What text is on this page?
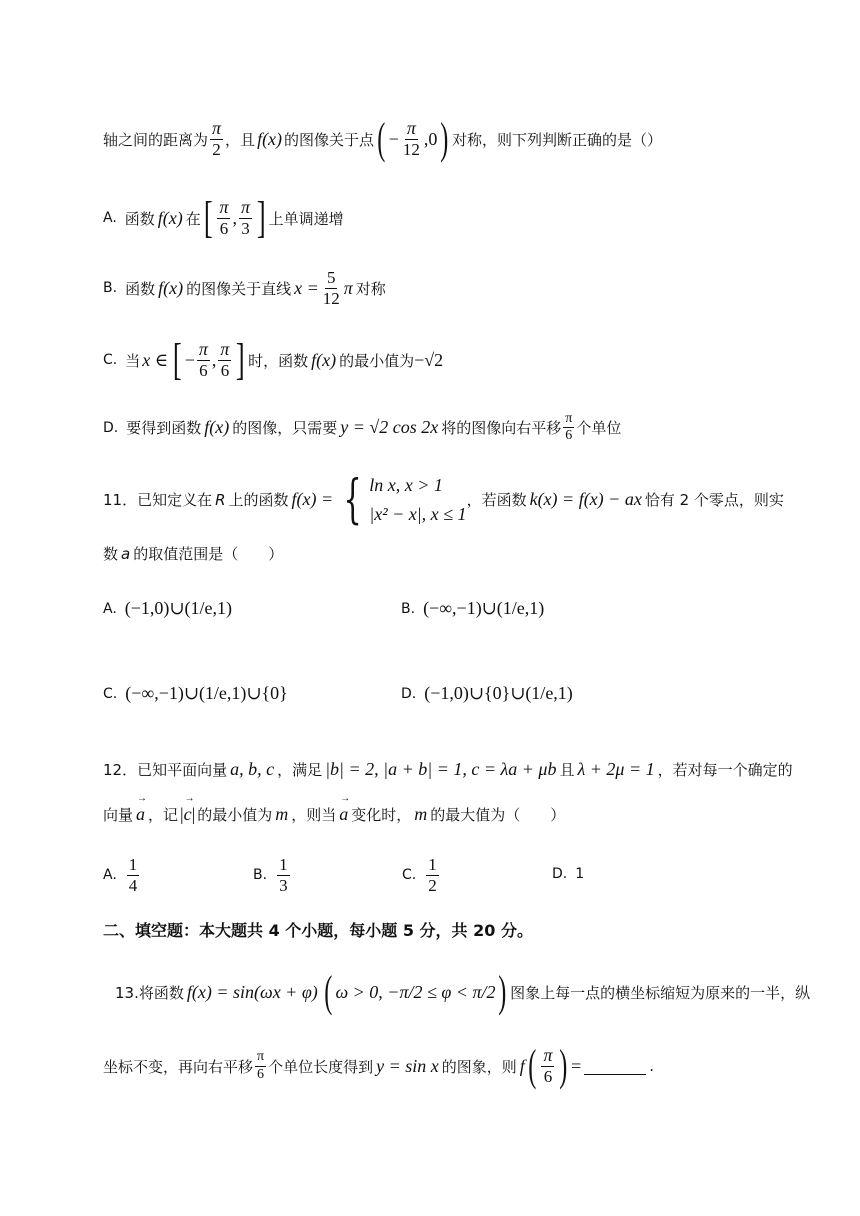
轴之间的距离为 $\frac{\pi}{2}$ ，且 f(x) 的图像关于点 ( − $\frac{\pi}{12} ,0$ ) 对称，则下列判断正确的是（）
A. 函数 f(x) 在 [ $\frac{\pi}{6}$ , $\frac{\pi}{3}$ ] 上单调递增
B. 函数 f(x) 的图像关于直线 $x = \frac{5}{12}$ π 对称
C. 当 x ∈ [ − $\frac{\pi}{6}$ , $\frac{\pi}{6}$ ] 时，函数 f(x) 的最小值为 −√2
D. 要得到函数 f(x) 的图像，只需要 y = √2 cos 2x 将的图像向右平移 $\frac{\pi}{6}$ 个单位
11．已知定义在 R 上的函数 f(x) = { ln x, x > 1
|x² − x|, x ≤ 1
，若函数 k(x) = f(x) − ax 恰有 2 个零点，则实
数 a 的取值范围是（　　）
A. (−1,0)∪(1/e,1)	B. (−∞,−1)∪(1/e,1)
C. (−∞,−1)∪(1/e,1)∪{0}	D. (−1,0)∪{0}∪(1/e,1)
12．已知平面向量 a, b, c ，满足 |b| = 2, |a + b| = 1, c = λa + μb 且 λ + 2μ = 1 ，若对每一个确定的
向量 → a ，记 |→ c| 的最小值为 m ，则当 → a 变化时， m 的最大值为（　　）
A. $\frac{1}{4}$	B. $\frac{1}{3}$	C. $\frac{1}{2}$	D. 1
二、填空题：本大题共 4 个小题，每小题 5 分，共 20 分。
13.将函数 f(x) = sin(ωx + φ) ( ω > 0, −π/2 ≤ φ < π/2 ) 图象上每一点的横坐标缩短为原来的一半，纵
坐标不变，再向右平移 $\frac{\pi}{6}$ 个单位长度得到 y = sin x 的图象，则 f ( $\frac{\pi}{6}$ ) =	.
